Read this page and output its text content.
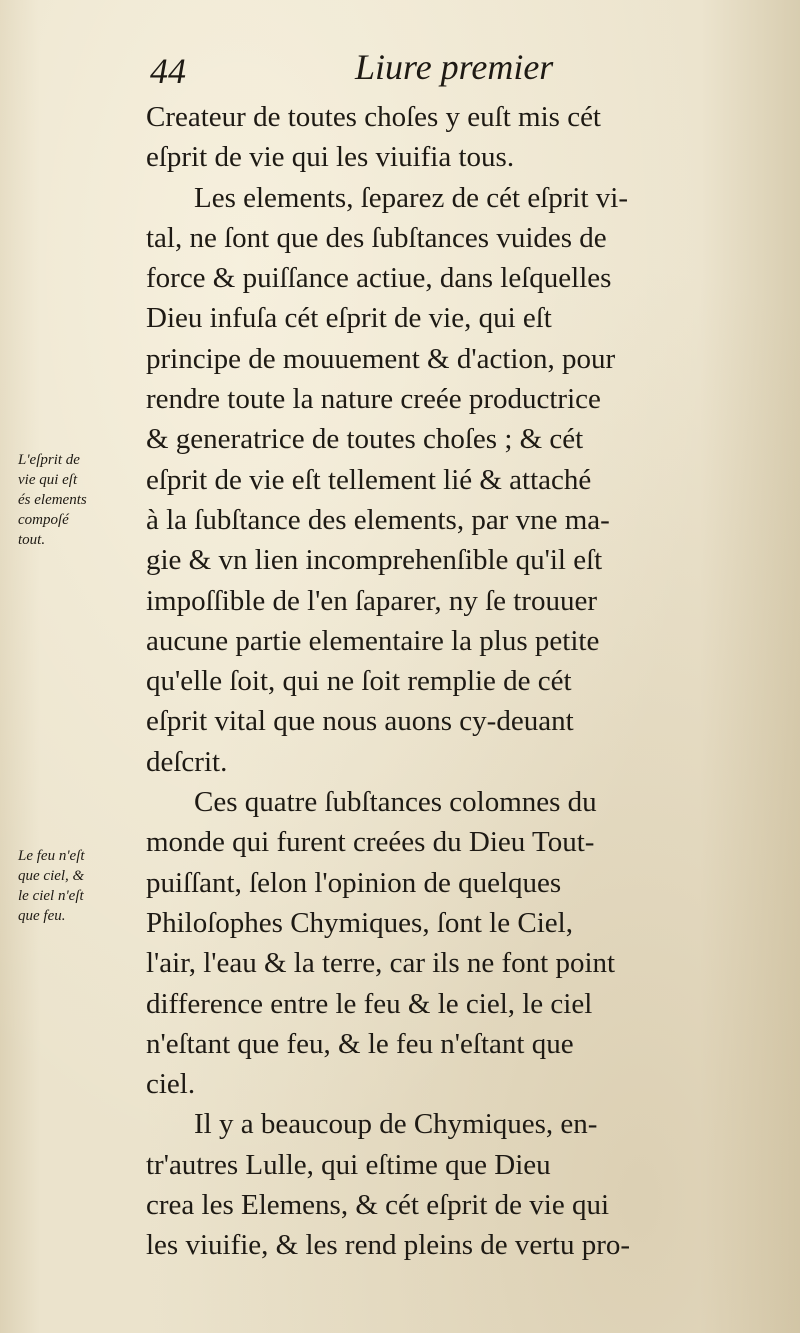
44	Liure premier
Createur de toutes choſes y euſt mis cét
eſprit de vie qui les viuifia tous.
Les elements, ſeparez de cét eſprit vi-
tal, ne ſont que des ſubſtances vuides de
force & puiſſance actiue, dans leſquelles
Dieu infuſa cét eſprit de vie, qui eſt
principe de mouuement & d'action, pour
rendre toute la nature creée productrice
& generatrice de toutes choſes ; & cét
eſprit de vie eſt tellement lié & attaché
à la ſubſtance des elements, par vne ma-
gie & vn lien incomprehenſible qu'il eſt
impoſſible de l'en ſaparer, ny ſe trouuer
aucune partie elementaire la plus petite
qu'elle ſoit, qui ne ſoit remplie de cét
eſprit vital que nous auons cy-deuant
deſcrit.
Ces quatre ſubſtances colomnes du
monde qui furent creées du Dieu Tout-
puiſſant, ſelon l'opinion de quelques
Philoſophes Chymiques, ſont le Ciel,
l'air, l'eau & la terre, car ils ne font point
difference entre le feu & le ciel, le ciel
n'eſtant que feu, & le feu n'eſtant que
ciel.
Il y a beaucoup de Chymiques, en-
tr'autres Lulle, qui eſtime que Dieu
crea les Elemens, & cét eſprit de vie qui
les viuifie, & les rend pleins de vertu pro-
L'eſprit de
vie qui eſt
és elements
compoſé
tout.
Le feu n'eſt
que ciel, &
le ciel n'eſt
que feu.
